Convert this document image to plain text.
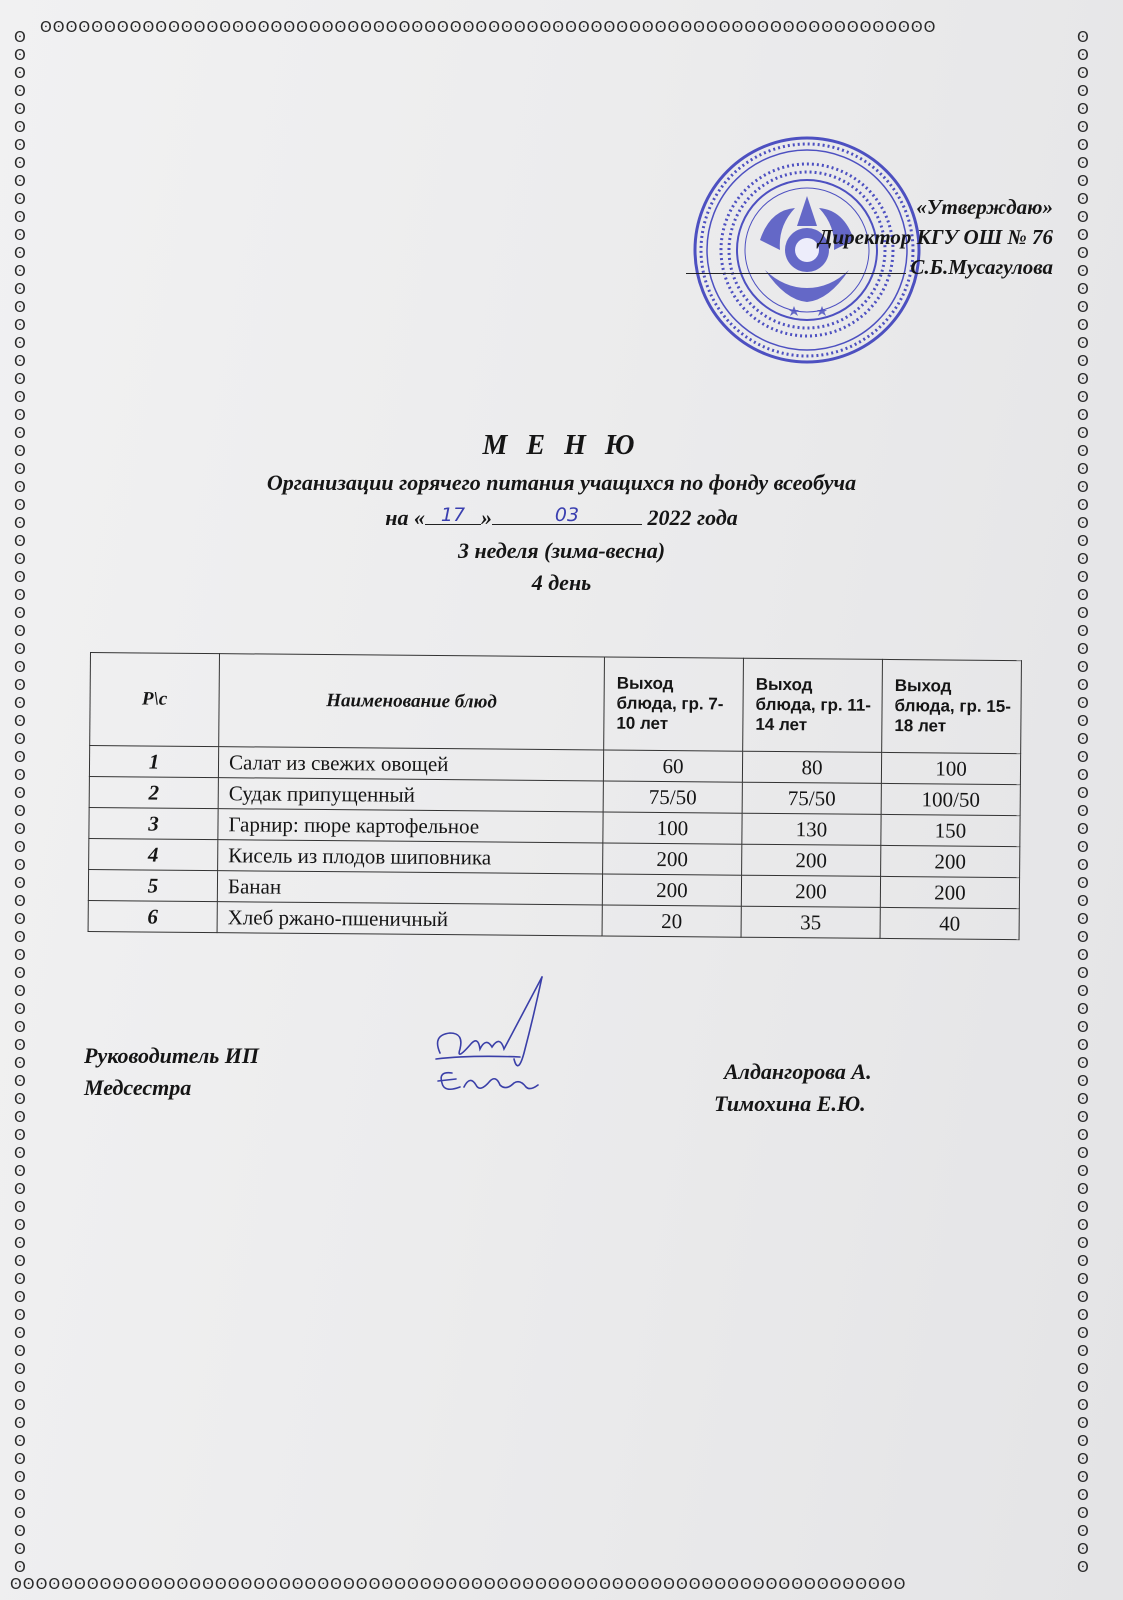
ʘʘʘʘʘʘʘʘʘʘʘʘʘʘʘʘʘʘʘʘʘʘʘʘʘʘʘʘʘʘʘʘʘʘʘʘʘʘʘʘʘʘʘʘʘʘʘʘʘʘʘʘʘʘʘʘʘʘʘʘʘʘʘʘʘʘʘʘʘʘ
ʘʘʘʘʘʘʘʘʘʘʘʘʘʘʘʘʘʘʘʘʘʘʘʘʘʘʘʘʘʘʘʘʘʘʘʘʘʘʘʘʘʘʘʘʘʘʘʘʘʘʘʘʘʘʘʘʘʘʘʘʘʘʘʘʘʘʘʘʘʘ
ʘʘʘʘʘʘʘʘʘʘʘʘʘʘʘʘʘʘʘʘʘʘʘʘʘʘʘʘʘʘʘʘʘʘʘʘʘʘʘʘʘʘʘʘʘʘʘʘʘʘʘʘʘʘʘʘʘʘʘʘʘʘʘʘʘʘʘʘʘʘʘʘʘʘʘʘʘʘʘʘʘʘʘʘʘʘ
ʘʘʘʘʘʘʘʘʘʘʘʘʘʘʘʘʘʘʘʘʘʘʘʘʘʘʘʘʘʘʘʘʘʘʘʘʘʘʘʘʘʘʘʘʘʘʘʘʘʘʘʘʘʘʘʘʘʘʘʘʘʘʘʘʘʘʘʘʘʘʘʘʘʘʘʘʘʘʘʘʘʘʘʘʘʘ
«Утверждаю»
Директор КГУ ОШ № 76
С.Б.Мусагулова
М Е Н Ю
Организации горячего питания учащихся по фонду всеобуча
на « 17 »	03	2022 года
3 неделя (зима-весна)
4 день
Р\с	Наименование блюд	Выход блюда, гр. 7-10 лет	Выход блюда, гр. 11-14 лет	Выход блюда, гр. 15-18 лет
1	Салат из свежих овощей	60	80	100
2	Судак припущенный	75/50	75/50	100/50
3	Гарнир: пюре картофельное	100	130	150
4	Кисель из плодов шиповника	200	200	200
5	Банан	200	200	200
6	Хлеб ржано-пшеничный	20	35	40
Руководитель ИП
Медсестра
Алдангорова А.
Тимохина Е.Ю.
